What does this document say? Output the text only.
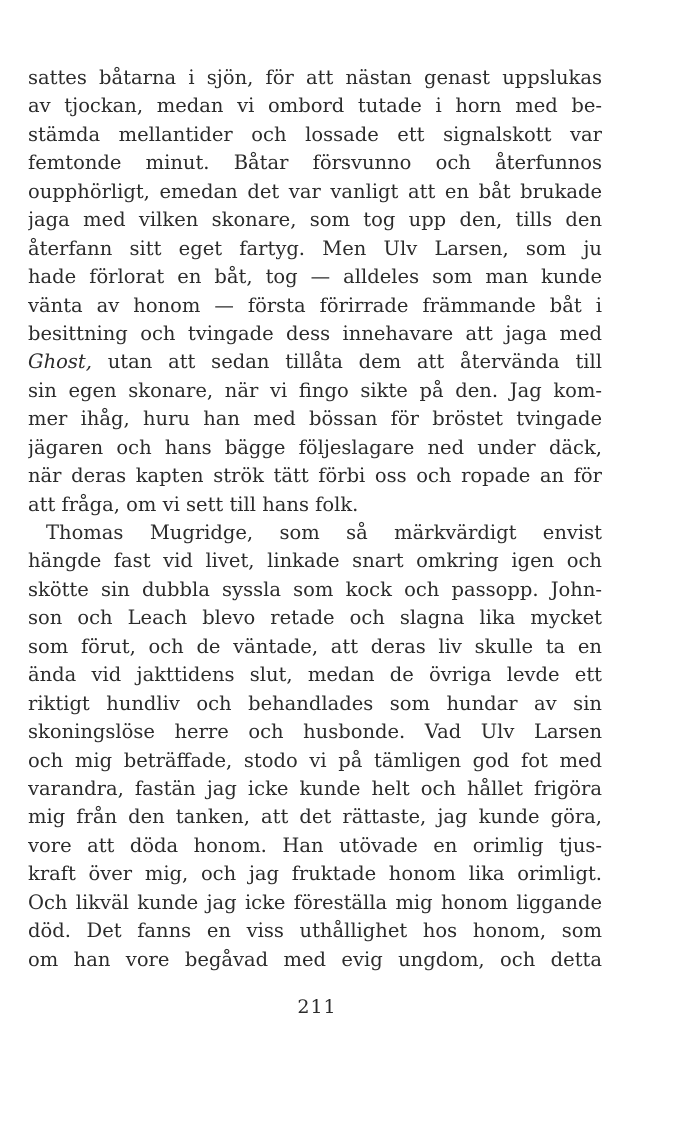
sattes båtarna i sjön, för att nästan genast uppslukas
av tjockan, medan vi ombord tutade i horn med be-
stämda mellantider och lossade ett signalskott var
femtonde minut. Båtar försvunno och återfunnos
oupphörligt, emedan det var vanligt att en båt brukade
jaga med vilken skonare, som tog upp den, tills den
återfann sitt eget fartyg. Men Ulv Larsen, som ju
hade förlorat en båt, tog — alldeles som man kunde
vänta av honom — första förirrade främmande båt i
besittning och tvingade dess innehavare att jaga med
Ghost, utan att sedan tillåta dem att återvända till
sin egen skonare, när vi fingo sikte på den. Jag kom-
mer ihåg, huru han med bössan för bröstet tvingade
jägaren och hans bägge följeslagare ned under däck,
när deras kapten strök tätt förbi oss och ropade an för
att fråga, om vi sett till hans folk.
Thomas Mugridge, som så märkvärdigt envist
hängde fast vid livet, linkade snart omkring igen och
skötte sin dubbla syssla som kock och passopp. John-
son och Leach blevo retade och slagna lika mycket
som förut, och de väntade, att deras liv skulle ta en
ända vid jakttidens slut, medan de övriga levde ett
riktigt hundliv och behandlades som hundar av sin
skoningslöse herre och husbonde. Vad Ulv Larsen
och mig beträffade, stodo vi på tämligen god fot med
varandra, fastän jag icke kunde helt och hållet frigöra
mig från den tanken, att det rättaste, jag kunde göra,
vore att döda honom. Han utövade en orimlig tjus-
kraft över mig, och jag fruktade honom lika orimligt.
Och likväl kunde jag icke föreställa mig honom liggande
död. Det fanns en viss uthållighet hos honom, som
om han vore begåvad med evig ungdom, och detta
211
